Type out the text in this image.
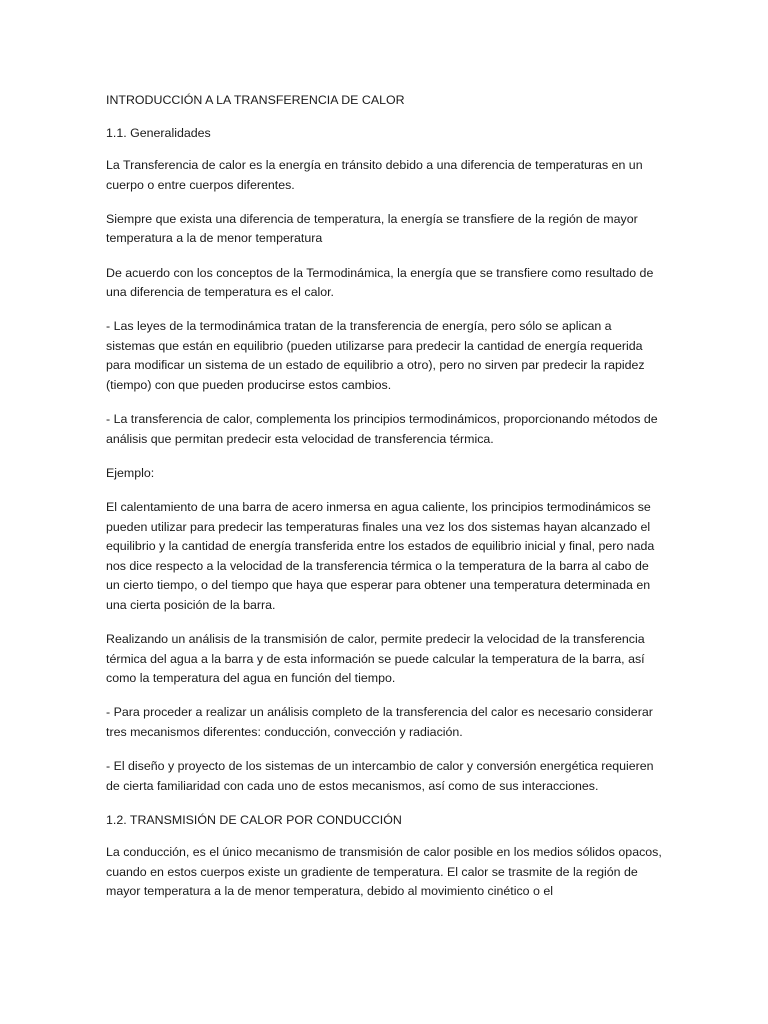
INTRODUCCIÓN A LA TRANSFERENCIA DE CALOR

1.1. Generalidades

La Transferencia de calor es la energía en tránsito debido a una diferencia de temperaturas en un cuerpo o entre cuerpos diferentes.

Siempre que exista una diferencia de temperatura, la energía se transfiere de la región de mayor temperatura a la de menor temperatura

De acuerdo con los conceptos de la Termodinámica, la energía que se transfiere como resultado de una diferencia de temperatura es el calor.

- Las leyes de la termodinámica tratan de la transferencia de energía, pero sólo se aplican a sistemas que están en equilibrio (pueden utilizarse para predecir la cantidad de energía requerida para modificar un sistema de un estado de equilibrio a otro), pero no sirven par predecir la rapidez (tiempo) con que pueden producirse estos cambios.

- La transferencia de calor, complementa los principios termodinámicos, proporcionando métodos de análisis que permitan predecir esta velocidad de transferencia térmica.

Ejemplo:

El calentamiento de una barra de acero inmersa en agua caliente, los principios termodinámicos se pueden utilizar para predecir las temperaturas finales una vez los dos sistemas hayan alcanzado el equilibrio y la cantidad de energía transferida entre los estados de equilibrio inicial y final, pero nada nos dice respecto a la velocidad de la transferencia térmica o la temperatura de la barra al cabo de un cierto tiempo, o del tiempo que haya que esperar para obtener una temperatura determinada en una cierta posición de la barra.

Realizando un análisis de la transmisión de calor, permite predecir la velocidad de la transferencia térmica del agua a la barra y de esta información se puede calcular la temperatura de la barra, así como la temperatura del agua en función del tiempo.

- Para proceder a realizar un análisis completo de la transferencia del calor es necesario considerar tres mecanismos diferentes: conducción, convección y radiación.

- El diseño y proyecto de los sistemas de un intercambio de calor y conversión energética requieren de cierta familiaridad con cada uno de estos mecanismos, así como de sus interacciones.

1.2. TRANSMISIÓN DE CALOR POR CONDUCCIÓN

La conducción, es el único mecanismo de transmisión de calor posible en los medios sólidos opacos, cuando en estos cuerpos existe un gradiente de temperatura. El calor se trasmite de la región de mayor temperatura a la de menor temperatura, debido al movimiento cinético o el
